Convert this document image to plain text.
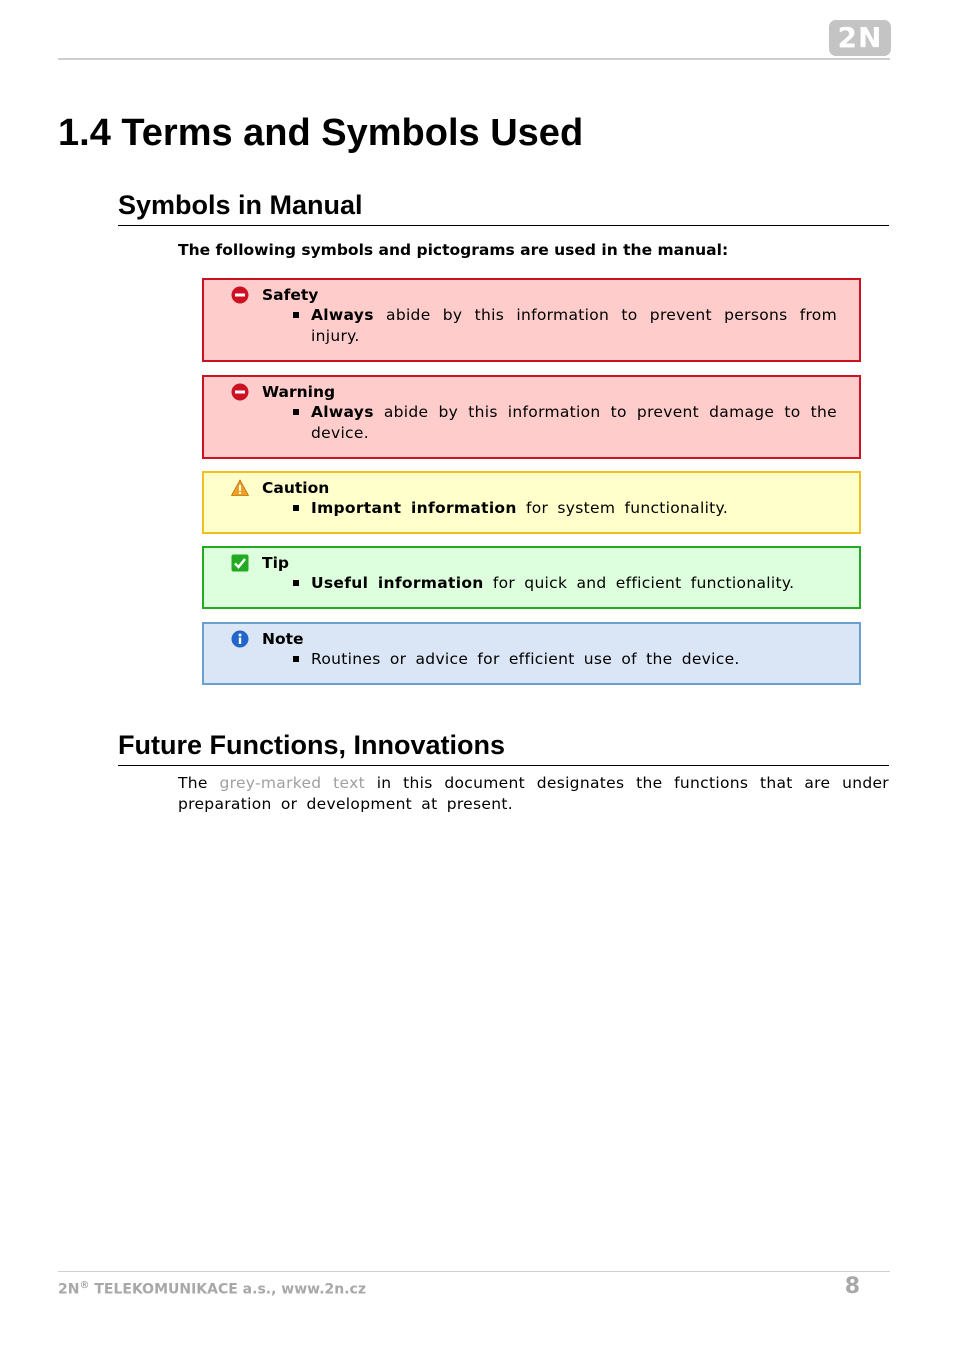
2N
1.4 Terms and Symbols Used
Symbols in Manual
The following symbols and pictograms are used in the manual:
Safety
Always abide by this information to prevent persons from injury.
Warning
Always abide by this information to prevent damage to the device.
Caution
Important information for system functionality.
Tip
Useful information for quick and efficient functionality.
Note
Routines or advice for efficient use of the device.
Future Functions, Innovations
The grey-marked text in this document designates the functions that are under preparation or development at present.
2N® TELEKOMUNIKACE a.s., www.2n.cz	8
